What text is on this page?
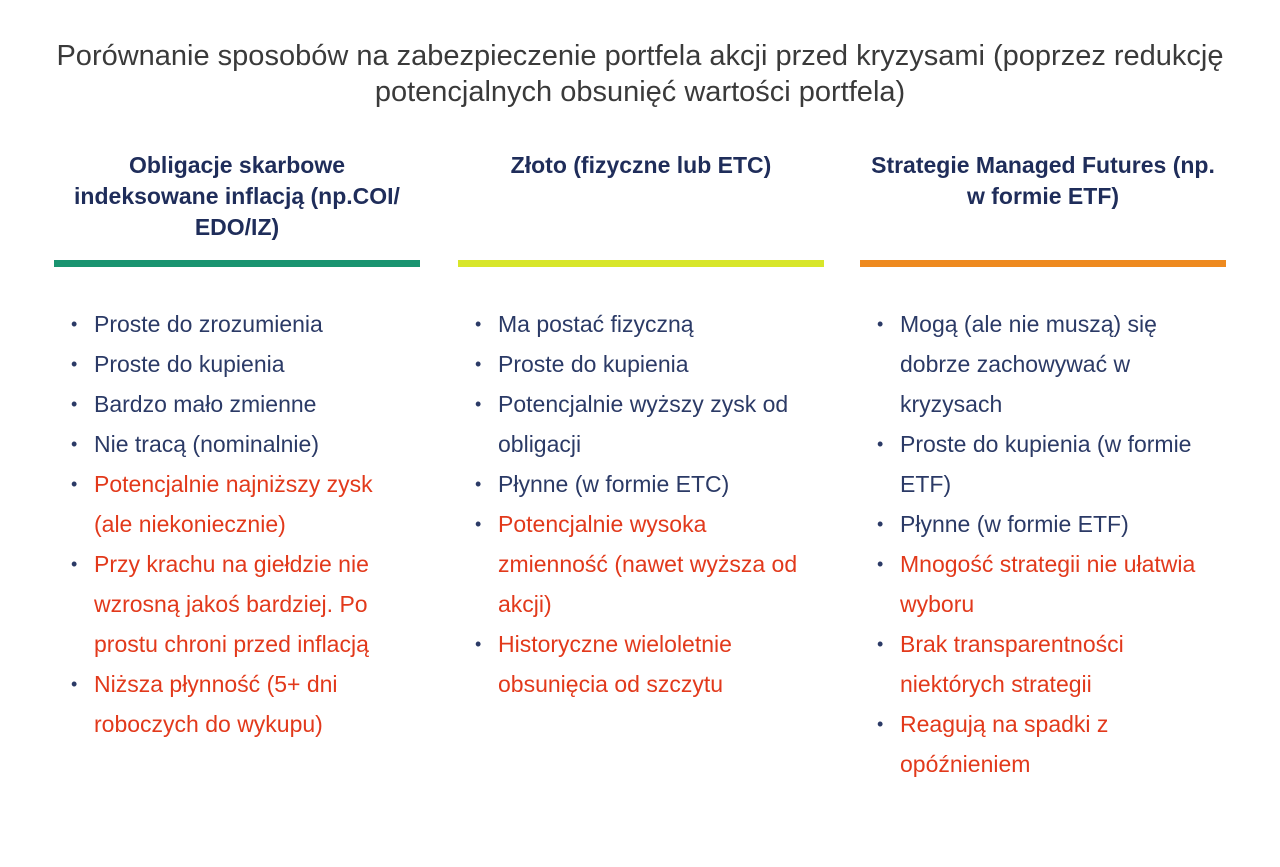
Porównanie sposobów na zabezpieczenie portfela akcji przed kryzysami (poprzez redukcję potencjalnych obsunięć wartości portfela)
Obligacje skarbowe indeksowane inflacją (np.COI/ EDO/IZ)
• Proste do zrozumienia
• Proste do kupienia
• Bardzo mało zmienne
• Nie tracą (nominalnie)
• Potencjalnie najniższy zysk (ale niekoniecznie)
• Przy krachu na giełdzie nie wzrosną jakoś bardziej. Po prostu chroni przed inflacją
• Niższa płynność (5+ dni roboczych do wykupu)
Złoto (fizyczne lub ETC)
• Ma postać fizyczną
• Proste do kupienia
• Potencjalnie wyższy zysk od obligacji
• Płynne (w formie ETC)
• Potencjalnie wysoka zmienność (nawet wyższa od akcji)
• Historyczne wieloletnie obsunięcia od szczytu
Strategie Managed Futures (np. w formie ETF)
• Mogą (ale nie muszą) się dobrze zachowywać w kryzysach
• Proste do kupienia (w formie ETF)
• Płynne (w formie ETF)
• Mnogość strategii nie ułatwia wyboru
• Brak transparentności niektórych strategii
• Reagują na spadki z opóźnieniem
